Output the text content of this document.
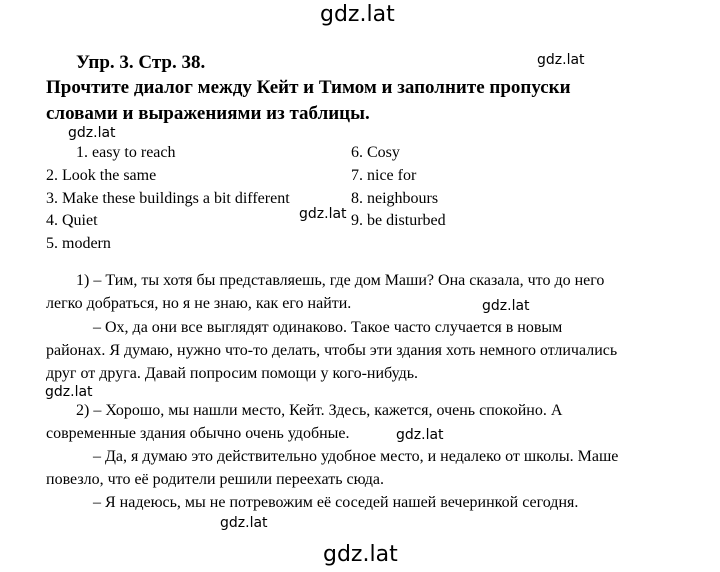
gdz.lat
gdz.lat
gdz.lat
gdz.lat
gdz.lat
gdz.lat
gdz.lat
gdz.lat
gdz.lat
Упр. 3. Стр. 38.
Прочтите диалог между Кейт и Тимом и заполните пропуски
словами и выражениями из таблицы.
1. easy to reach
2. Look the same
3. Make these buildings a bit different
4. Quiet
5. modern
6. Cosy
7. nice for
8. neighbours
9. be disturbed
1) – Тим, ты хотя бы представляешь, где дом Маши? Она сказала, что до него
легко добраться, но я не знаю, как его найти.
– Ох, да они все выглядят одинаково. Такое часто случается в новым
районах. Я думаю, нужно что-то делать, чтобы эти здания хоть немного отличались
друг от друга. Давай попросим помощи у кого-нибудь.
2) – Хорошо, мы нашли место, Кейт. Здесь, кажется, очень спокойно. А
современные здания обычно очень удобные.
– Да, я думаю это действительно удобное место, и недалеко от школы. Маше
повезло, что её родители решили переехать сюда.
– Я надеюсь, мы не потревожим её соседей нашей вечеринкой сегодня.
